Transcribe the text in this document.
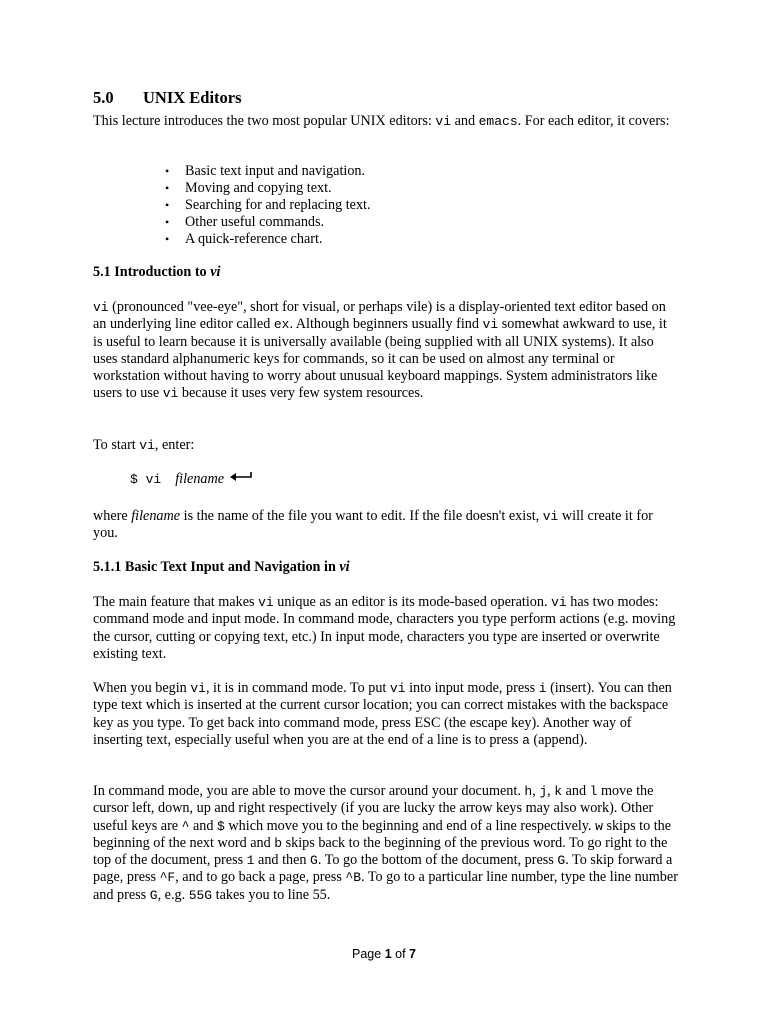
5.0 UNIX Editors

This lecture introduces the two most popular UNIX editors: vi and emacs. For each editor, it covers:

• Basic text input and navigation.
• Moving and copying text.
• Searching for and replacing text.
• Other useful commands.
• A quick-reference chart.
5.1 Introduction to vi

vi (pronounced "vee-eye", short for visual, or perhaps vile) is a display-oriented text editor based on an underlying line editor called ex. Although beginners usually find vi somewhat awkward to use, it is useful to learn because it is universally available (being supplied with all UNIX systems). It also uses standard alphanumeric keys for commands, so it can be used on almost any terminal or workstation without having to worry about unusual keyboard mappings. System administrators like users to use vi because it uses very few system resources.

To start vi, enter:

$ vi filename

where filename is the name of the file you want to edit. If the file doesn't exist, vi will create it for you.

5.1.1 Basic Text Input and Navigation in vi

The main feature that makes vi unique as an editor is its mode-based operation. vi has two modes: command mode and input mode. In command mode, characters you type perform actions (e.g. moving the cursor, cutting or copying text, etc.) In input mode, characters you type are inserted or overwrite existing text.

When you begin vi, it is in command mode. To put vi into input mode, press i (insert). You can then type text which is inserted at the current cursor location; you can correct mistakes with the backspace key as you type. To get back into command mode, press ESC (the escape key). Another way of inserting text, especially useful when you are at the end of a line is to press a (append).

In command mode, you are able to move the cursor around your document. h, j, k and l move the cursor left, down, up and right respectively (if you are lucky the arrow keys may also work). Other useful keys are ^ and $ which move you to the beginning and end of a line respectively. w skips to the beginning of the next word and b skips back to the beginning of the previous word. To go right to the top of the document, press 1 and then G. To go the bottom of the document, press G. To skip forward a page, press ^F, and to go back a page, press ^B. To go to a particular line number, type the line number and press G, e.g. 55G takes you to line 55.

Page 1 of 7
